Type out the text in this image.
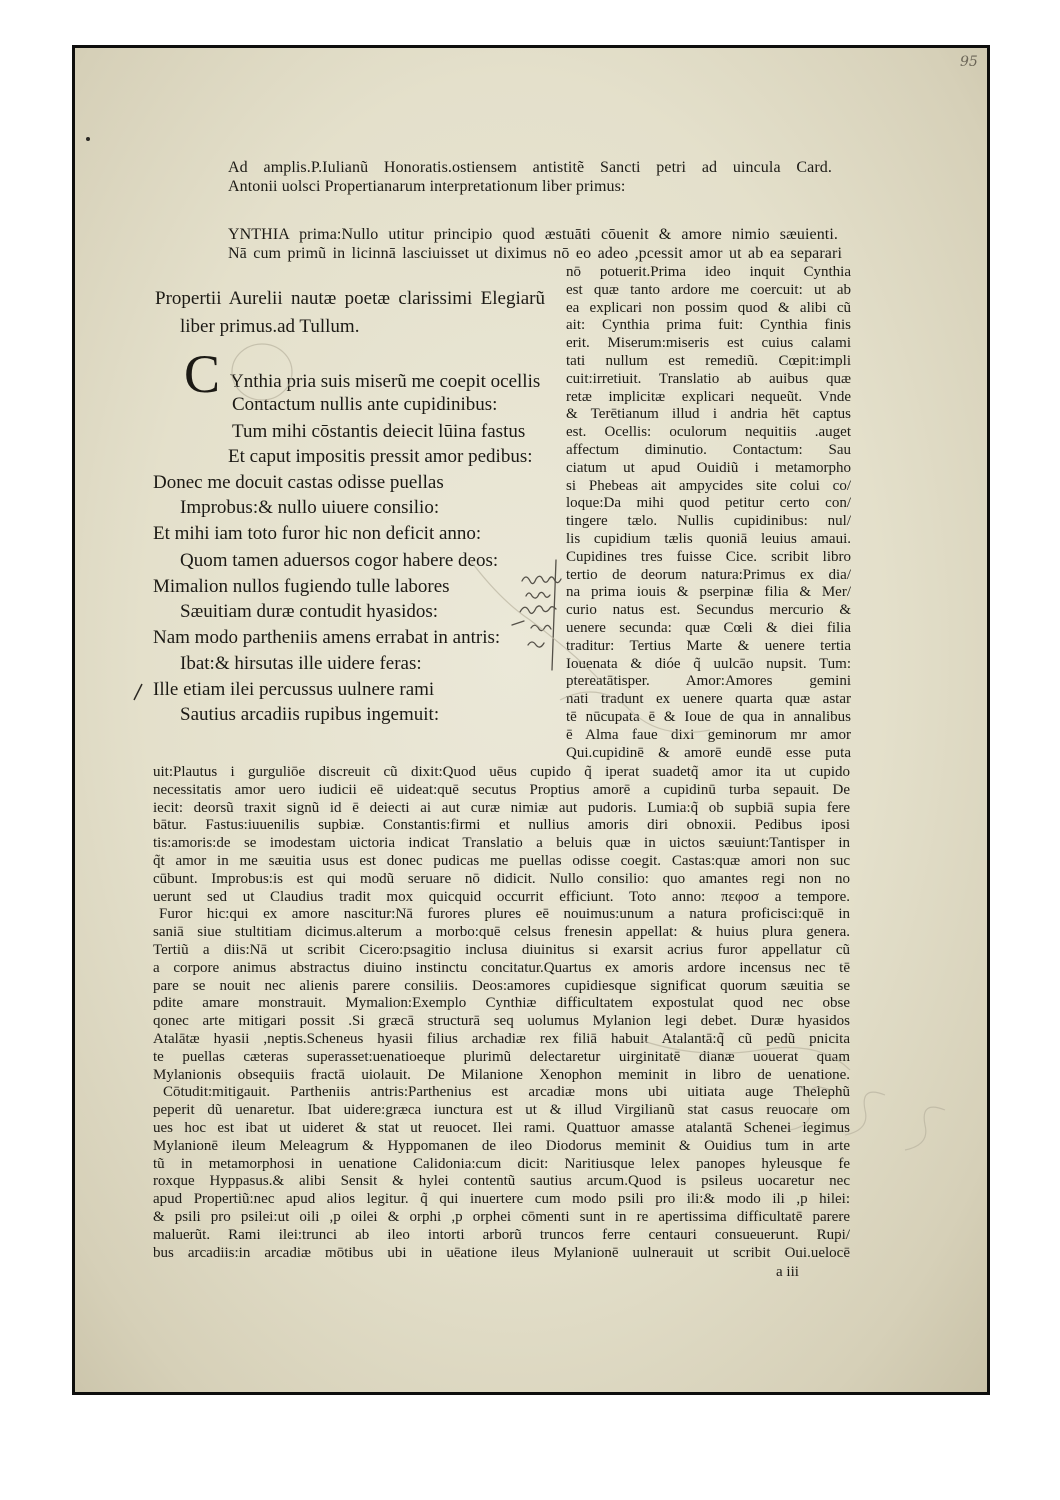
95
Ad amplis.P.Iulianũ Honoratis.ostiensem antistitẽ Sancti petri ad uincula Card.
Antonii uolsci Propertianarum interpretationum liber primus:
YNTHIA prima:Nullo utitur principio quod æstuāti cōuenit & amore nimio sæuienti.
Nā cum primũ in licinnā lasciuisset ut diximus nō eo adeo ,pcessit amor ut ab ea separari
nō potuerit.Prima ideo inquit Cynthia
est quæ tanto ardore me coercuit: ut ab
ea explicari non possim quod & alibi cũ
ait: Cynthia prima fuit: Cynthia finis
erit. Miserum:miseris est cuius calami
tati nullum est remediũ. Cœpit:impli
cuit:irretiuit. Translatio ab auibus quæ
retæ implicitæ explicari nequeũt. Vnde
& Terētianum illud i andria hēt captus
est. Ocellis: oculorum nequitiis .auget
affectum diminutio. Contactum: Sau
ciatum ut apud Ouidiũ i metamorpho
si Phebeas ait ampycides site colui co/
loque:Da mihi quod petitur certo con/
tingere tælo. Nullis cupidinibus: nul/
lis cupidium tælis quoniā leuius amaui.
Cupidines tres fuisse Cice. scribit libro
tertio de deorum natura:Primus ex dia/
na prima iouis & pserpinæ filia & Mer/
curio natus est. Secundus mercurio &
uenere secunda: quæ Cœli & diei filia
traditur: Tertius Marte & uenere tertia
Iouenata & dióe q̃ uulcāo nupsit. Tum:
ptereatātisper. Amor:Amores gemini
nati tradunt ex uenere quarta quæ astar
tē nūcupata ē & Ioue de qua in annalibus
ē Alma faue dixi geminorum mr amor
Qui.cupidinē & amorē eundē esse puta
Propertii Aurelii nautæ poetæ clarissimi Elegiarũ
liber primus.ad Tullum.
C Ynthia pria suis miserũ me coepit ocellis
Contactum nullis ante cupidinibus:
Tum mihi cōstantis deiecit lūina fastus
Et caput impositis pressit amor pedibus:
Donec me docuit castas odisse puellas
Improbus:& nullo uiuere consilio:
Et mihi iam toto furor hic non deficit anno:
Quom tamen aduersos cogor habere deos:
Mimalion nullos fugiendo tulle labores
Sæuitiam duræ contudit hyasidos:
Nam modo partheniis amens errabat in antris:
Ibat:& hirsutas ille uidere feras:
Ille etiam ilei percussus uulnere rami
Sautius arcadiis rupibus ingemuit:
uit:Plautus i gurguliōe discreuit cũ dixit:Quod uēus cupido q̃ iperat suadetq̃ amor ita ut cupido
necessitatis amor uero iudicii eē uideat:quē secutus Proptius amorē a cupidinū turba sepauit. De
iecit: deorsũ traxit signũ id ē deiecti ai aut curæ nimiæ aut pudoris. Lumia:q̃ ob supbiā supia fere
bātur. Fastus:iuuenilis supbiæ. Constantis:firmi et nullius amoris diri obnoxii. Pedibus iposi
tis:amoris:de se imodestam uictoria indicat Translatio a beluis quæ in uictos sæuiunt:Tantisper in
q̃t amor in me sæuitia usus est donec pudicas me puellas odisse coegit. Castas:quæ amori non suc
cūbunt. Improbus:is est qui modũ seruare nō didicit. Nullo consilio: quo amantes regi non no
uerunt sed ut Claudius tradit mox quicquid occurrit efficiunt. Toto anno: πεφοσ a tempore.
Furor hic:qui ex amore nascitur:Nā furores plures eē nouimus:unum a natura proficisci:quē in
saniā siue stultitiam dicimus.alterum a morbo:quē celsus frenesin appellat: & huius plura genera.
Tertiũ a diis:Nā ut scribit Cicero:psagitio inclusa diuinitus si exarsit acrius furor appellatur cũ
a corpore animus abstractus diuino instinctu concitatur.Quartus ex amoris ardore incensus nec tē
pare se nouit nec alienis parere consiliis. Deos:amores cupidiesque significat quorum sæuitia se
pdite amare monstrauit. Mymalion:Exemplo Cynthiæ difficultatem expostulat quod nec obse
qonec arte mitigari possit .Si græcā structurā seq uolumus Mylanion legi debet. Duræ hyasidos
Atalātæ hyasii ,neptis.Scheneus hyasii filius archadiæ rex filiā habuit Atalantā:q̃ cũ pedũ pnicita
te puellas cæteras superasset:uenatioeque plurimũ delectaretur uirginitatē dianæ uouerat quam
Mylanionis obsequiis fractā uiolauit. De Milanione Xenophon meminit in libro de uenatione.
Cōtudit:mitigauit. Partheniis antris:Parthenius est arcadiæ mons ubi uitiata auge Thelephũ
peperit dũ uenaretur. Ibat uidere:græca iunctura est ut & illud Virgilianũ stat casus reuocare om
ues hoc est ibat ut uideret & stat ut reuocet. Ilei rami. Quattuor amasse atalantā Schenei legimus
Mylanionē ileum Meleagrum & Hyppomanen de ileo Diodorus meminit & Ouidius tum in arte
tũ in metamorphosi in uenatione Calidonia:cum dicit: Naritiusque lelex panopes hyleusque fe
roxque Hyppasus.& alibi Sensit & hylei contentũ sautius arcum.Quod is psileus uocaretur nec
apud Propertiũ:nec apud alios legitur. q̃ qui inuertere cum modo psili pro ili:& modo ili ,p hilei:
& psili pro psilei:ut oili ,p oilei & orphi ,p orphei cōmenti sunt in re apertissima difficultatē parere
maluerũt. Rami ilei:trunci ab ileo intorti arborũ truncos ferre centauri consueuerunt. Rupi/
bus arcadiis:in arcadiæ mōtibus ubi in uēatione ileus Mylanionē uulnerauit ut scribit Oui.uelocē
a iii
